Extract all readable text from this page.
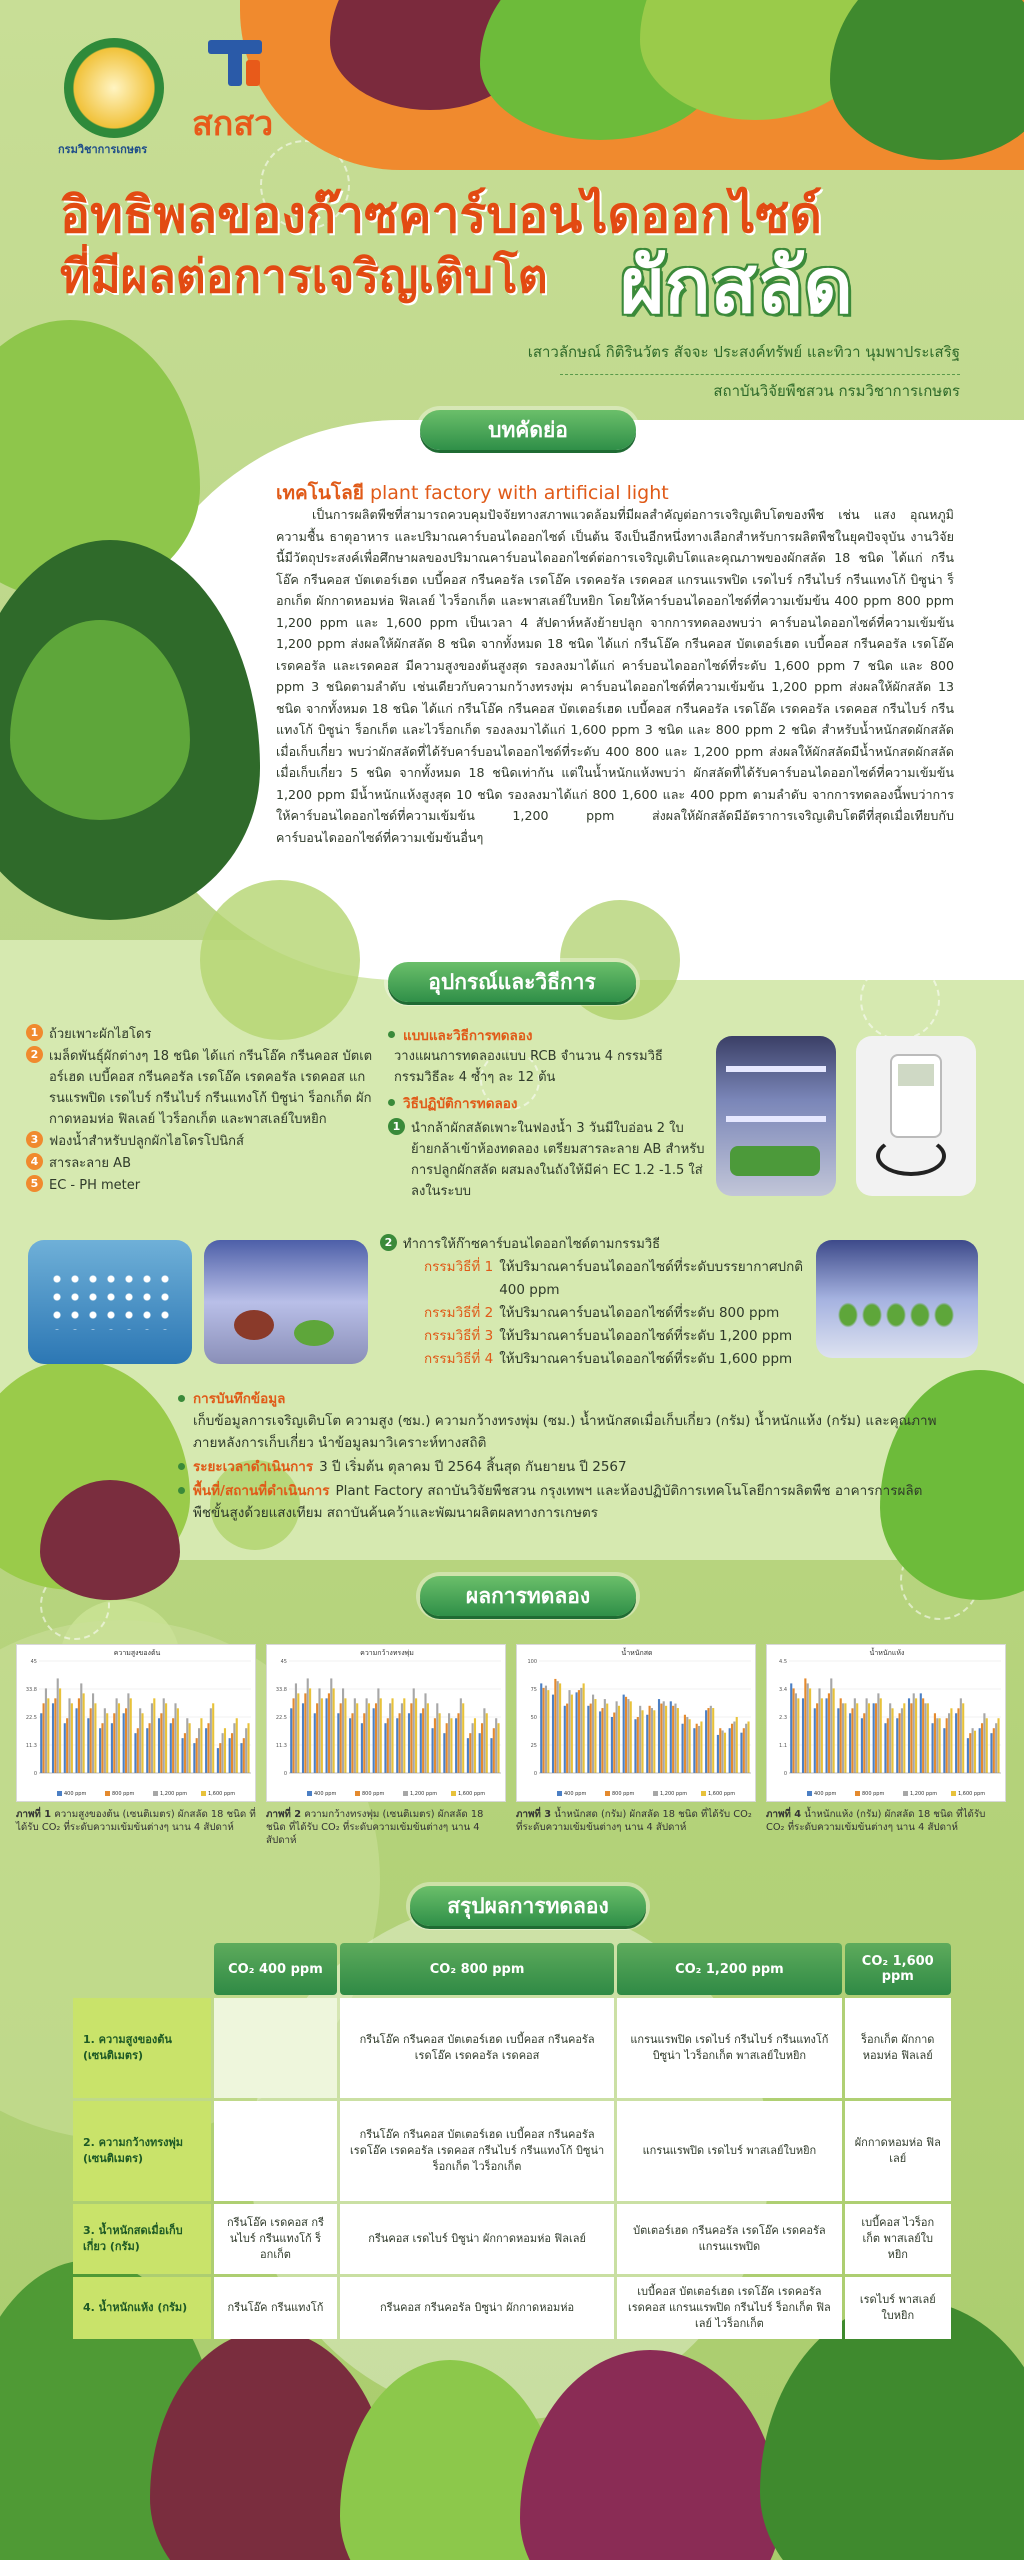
กรมวิชาการเกษตร
สกสว
อิทธิพลของก๊าซคาร์บอนไดออกไซด์
ที่มีผลต่อการเจริญเติบโต ผักสลัด
เสาวลักษณ์ กิติรินวัตร สัจจะ ประสงค์ทรัพย์ และทิวา นุมพาประเสริฐ
สถาบันวิจัยพืชสวน กรมวิชาการเกษตร
บทคัดย่อ
เทคโนโลยี plant factory with artificial light
เป็นการผลิตพืชที่สามารถควบคุมปัจจัยทางสภาพแวดล้อมที่มีผลสำคัญต่อการเจริญเติบโตของพืช เช่น แสง อุณหภูมิ ความชื้น ธาตุอาหาร และปริมาณคาร์บอนไดออกไซด์ เป็นต้น จึงเป็นอีกหนึ่งทางเลือกสำหรับการผลิตพืชในยุคปัจจุบัน งานวิจัยนี้มีวัตถุประสงค์เพื่อศึกษาผลของปริมาณคาร์บอนไดออกไซด์ต่อการเจริญเติบโตและคุณภาพของผักสลัด 18 ชนิด ได้แก่ กรีนโอ๊ค กรีนคอส บัตเตอร์เฮด เบบี้คอส กรีนคอรัล เรดโอ๊ค เรดคอรัล เรดคอส แกรนแรพปิด เรดไบร์ กรีนไบร์ กรีนแทงโก้ บิซูน่า ร็อกเก็ต ผักกาดหอมห่อ ฟิลเลย์ ไวร็อกเก็ต และพาสเลย์ใบหยิก โดยให้คาร์บอนไดออกไซด์ที่ความเข้มข้น 400 ppm 800 ppm 1,200 ppm และ 1,600 ppm เป็นเวลา 4 สัปดาห์หลังย้ายปลูก จากการทดลองพบว่า คาร์บอนไดออกไซด์ที่ความเข้มข้น 1,200 ppm ส่งผลให้ผักสลัด 8 ชนิด จากทั้งหมด 18 ชนิด ได้แก่ กรีนโอ๊ค กรีนคอส บัตเตอร์เฮด เบบี้คอส กรีนคอรัล เรดโอ๊ค เรดคอรัล และเรดคอส มีความสูงของต้นสูงสุด รองลงมาได้แก่ คาร์บอนไดออกไซด์ที่ระดับ 1,600 ppm 7 ชนิด และ 800 ppm 3 ชนิดตามลำดับ เช่นเดียวกับความกว้างทรงพุ่ม คาร์บอนไดออกไซด์ที่ความเข้มข้น 1,200 ppm ส่งผลให้ผักสลัด 13 ชนิด จากทั้งหมด 18 ชนิด ได้แก่ กรีนโอ๊ค กรีนคอส บัตเตอร์เฮด เบบี้คอส กรีนคอรัล เรดโอ๊ค เรดคอรัล เรดคอส กรีนไบร์ กรีนแทงโก้ บิซูน่า ร็อกเก็ต และไวร็อกเก็ต รองลงมาได้แก่ 1,600 ppm 3 ชนิด และ 800 ppm 2 ชนิด สำหรับน้ำหนักสดผักสลัดเมื่อเก็บเกี่ยว พบว่าผักสลัดที่ได้รับคาร์บอนไดออกไซด์ที่ระดับ 400 800 และ 1,200 ppm ส่งผลให้ผักสลัดมีน้ำหนักสดผักสลัดเมื่อเก็บเกี่ยว 5 ชนิด จากทั้งหมด 18 ชนิดเท่ากัน แต่ในน้ำหนักแห้งพบว่า ผักสลัดที่ได้รับคาร์บอนไดออกไซด์ที่ความเข้มข้น 1,200 ppm มีน้ำหนักแห้งสูงสุด 10 ชนิด รองลงมาได้แก่ 800 1,600 และ 400 ppm ตามลำดับ จากการทดลองนี้พบว่าการให้คาร์บอนไดออกไซด์ที่ความเข้มข้น 1,200 ppm ส่งผลให้ผักสลัดมีอัตราการเจริญเติบโตดีที่สุดเมื่อเทียบกับคาร์บอนไดออกไซด์ที่ความเข้มข้นอื่นๆ
อุปกรณ์และวิธีการ
1 ถ้วยเพาะผักไฮโดร
2 เมล็ดพันธุ์ผักต่างๆ 18 ชนิด ได้แก่ กรีนโอ๊ค กรีนคอส บัตเตอร์เฮด เบบี้คอส กรีนคอรัล เรดโอ๊ค เรดคอรัล เรดคอส แกรนแรพปิด เรดไบร์ กรีนไบร์ กรีนแทงโก้ บิซูน่า ร็อกเก็ต ผักกาดหอมห่อ ฟิลเลย์ ไวร็อกเก็ต และพาสเลย์ใบหยิก
3 ฟองน้ำสำหรับปลูกผักไฮโดรโปนิกส์
4 สารละลาย AB
5 EC - PH meter
แบบและวิธีการทดลอง
วางแผนการทดลองแบบ RCB จำนวน 4 กรรมวิธี กรรมวิธีละ 4 ซ้ำๆ ละ 12 ต้น
วิธีปฏิบัติการทดลอง
1 นำกล้าผักสลัดเพาะในฟองน้ำ 3 วันมีใบอ่อน 2 ใบ ย้ายกล้าเข้าห้องทดลอง เตรียมสารละลาย AB สำหรับการปลูกผักสลัด ผสมลงในถังให้มีค่า EC 1.2 -1.5 ใส่ลงในระบบ
2 ทำการให้ก๊าซคาร์บอนไดออกไซด์ตามกรรมวิธี
กรรมวิธีที่ 1 ให้ปริมาณคาร์บอนไดออกไซด์ที่ระดับบรรยากาศปกติ 400 ppm
กรรมวิธีที่ 2 ให้ปริมาณคาร์บอนไดออกไซด์ที่ระดับ 800 ppm
กรรมวิธีที่ 3 ให้ปริมาณคาร์บอนไดออกไซด์ที่ระดับ 1,200 ppm
กรรมวิธีที่ 4 ให้ปริมาณคาร์บอนไดออกไซด์ที่ระดับ 1,600 ppm
การบันทึกข้อมูล
เก็บข้อมูลการเจริญเติบโต ความสูง (ซม.) ความกว้างทรงพุ่ม (ซม.) น้ำหนักสดเมื่อเก็บเกี่ยว (กรัม) น้ำหนักแห้ง (กรัม) และคุณภาพภายหลังการเก็บเกี่ยว นำข้อมูลมาวิเคราะห์ทางสถิติ
ระยะเวลาดำเนินการ 3 ปี เริ่มต้น ตุลาคม ปี 2564 สิ้นสุด กันยายน ปี 2567
พื้นที่/สถานที่ดำเนินการ Plant Factory สถาบันวิจัยพืชสวน กรุงเทพฯ และห้องปฏิบัติการเทคโนโลยีการผลิตพืช อาคารการผลิตพืชขั้นสูงด้วยแสงเทียม สถาบันค้นคว้าและพัฒนาผลิตผลทางการเกษตร
ผลการทดลอง
ความสูงของต้น
0
11.3
22.5
33.8
45
400 ppm	800 ppm	1,200 ppm	1,600 ppm
ความกว้างทรงพุ่ม
0
11.3
22.5
33.8
45
400 ppm	800 ppm	1,200 ppm	1,600 ppm
น้ำหนักสด
0
25
50
75
100
400 ppm	800 ppm	1,200 ppm	1,600 ppm
น้ำหนักแห้ง
0
1.1
2.3
3.4
4.5
400 ppm	800 ppm	1,200 ppm	1,600 ppm
ภาพที่ 1 ความสูงของต้น (เซนติเมตร) ผักสลัด 18 ชนิด ที่ได้รับ CO₂ ที่ระดับความเข้มข้นต่างๆ นาน 4 สัปดาห์
ภาพที่ 2 ความกว้างทรงพุ่ม (เซนติเมตร) ผักสลัด 18 ชนิด ที่ได้รับ CO₂ ที่ระดับความเข้มข้นต่างๆ นาน 4 สัปดาห์
ภาพที่ 3 น้ำหนักสด (กรัม) ผักสลัด 18 ชนิด ที่ได้รับ CO₂ ที่ระดับความเข้มข้นต่างๆ นาน 4 สัปดาห์
ภาพที่ 4 น้ำหนักแห้ง (กรัม) ผักสลัด 18 ชนิด ที่ได้รับ CO₂ ที่ระดับความเข้มข้นต่างๆ นาน 4 สัปดาห์
สรุปผลการทดลอง
	CO₂ 400 ppm	CO₂ 800 ppm	CO₂ 1,200 ppm	CO₂ 1,600 ppm
1. ความสูงของต้น (เซนติเมตร)		กรีนโอ๊ค กรีนคอส บัตเตอร์เฮด เบบี้คอส กรีนคอรัล เรดโอ๊ค เรดคอรัล เรดคอส	แกรนแรพปิด เรดไบร์ กรีนไบร์ กรีนแทงโก้ บิซูน่า ไวร็อกเก็ต พาสเลย์ใบหยิก	ร็อกเก็ต ผักกาดหอมห่อ ฟิลเลย์
2. ความกว้างทรงพุ่ม (เซนติเมตร)		กรีนโอ๊ค กรีนคอส บัตเตอร์เฮด เบบี้คอส กรีนคอรัล เรดโอ๊ค เรดคอรัล เรดคอส กรีนไบร์ กรีนแทงโก้ บิซูน่า ร็อกเก็ต ไวร็อกเก็ต	แกรนแรพปิด เรดไบร์ พาสเลย์ใบหยิก	ผักกาดหอมห่อ ฟิลเลย์
3. น้ำหนักสดเมื่อเก็บเกี่ยว (กรัม)	กรีนโอ๊ค เรดคอส กรีนไบร์ กรีนแทงโก้ ร็อกเก็ต	กรีนคอส เรดไบร์ บิซูน่า ผักกาดหอมห่อ ฟิลเลย์	บัตเตอร์เฮด กรีนคอรัล เรดโอ๊ค เรดคอรัล แกรนแรพปิด	เบบี้คอส ไวร็อกเก็ต พาสเลย์ใบหยิก
4. น้ำหนักแห้ง (กรัม)	กรีนโอ๊ค กรีนแทงโก้	กรีนคอส กรีนคอรัล บิซูน่า ผักกาดหอมห่อ	เบบี้คอส บัตเตอร์เฮด เรดโอ๊ค เรดคอรัล เรดคอส แกรนแรพปิด กรีนไบร์ ร็อกเก็ต ฟิลเลย์ ไวร็อกเก็ต	เรดไบร์ พาสเลย์ใบหยิก
